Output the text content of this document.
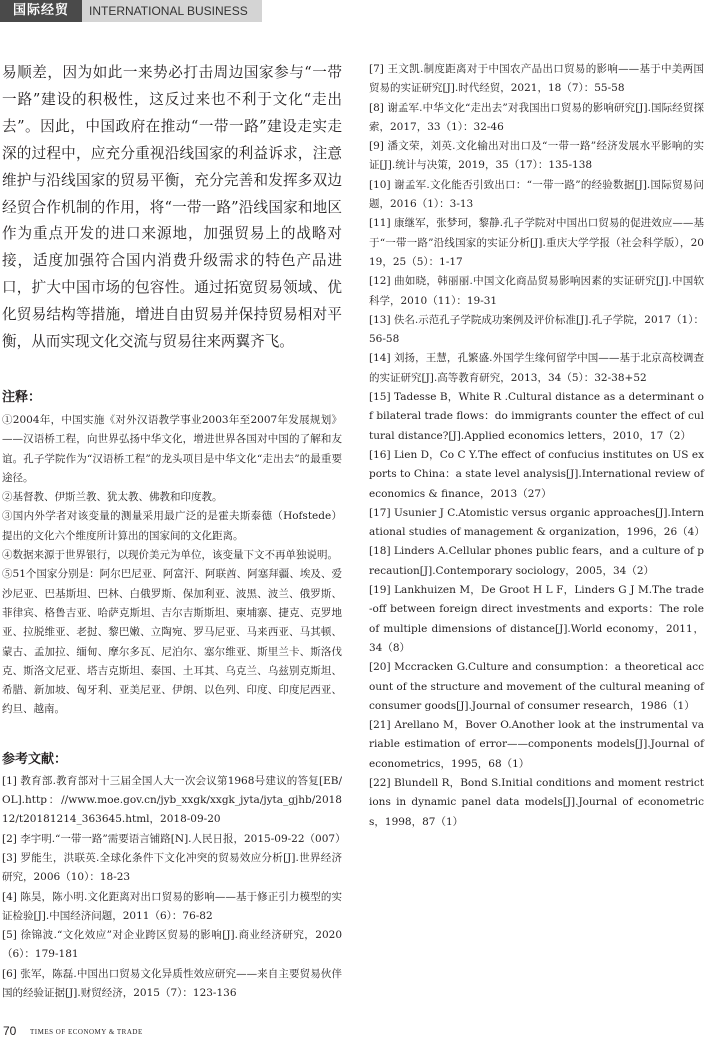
国际经贸	INTERNATIONAL BUSINESS

易顺差，因为如此一来势必打击周边国家参与“一带一路”建设的积极性，这反过来也不利于文化“走出去”。因此，中国政府在推动“一带一路”建设走实走深的过程中，应充分重视沿线国家的利益诉求，注意维护与沿线国家的贸易平衡，充分完善和发挥多双边经贸合作机制的作用，将“一带一路”沿线国家和地区作为重点开发的进口来源地，加强贸易上的战略对接，适度加强符合国内消费升级需求的特色产品进口，扩大中国市场的包容性。通过拓宽贸易领域、优化贸易结构等措施，增进自由贸易并保持贸易相对平衡，从而实现文化交流与贸易往来两翼齐飞。

注释：

①2004年，中国实施《对外汉语教学事业2003年至2007年发展规划》——汉语桥工程，向世界弘扬中华文化，增进世界各国对中国的了解和友谊。孔子学院作为“汉语桥工程”的龙头项目是中华文化“走出去”的最重要途径。

②基督教、伊斯兰教、犹太教、佛教和印度教。

③国内外学者对该变量的测量采用最广泛的是霍夫斯泰德（Hofstede）提出的文化六个维度所计算出的国家间的文化距离。

④数据来源于世界银行，以现价美元为单位，该变量下文不再单独说明。

⑤51个国家分别是：阿尔巴尼亚、阿富汗、阿联酋、阿塞拜疆、埃及、爱沙尼亚、巴基斯坦、巴林、白俄罗斯、保加利亚、波黑、波兰、俄罗斯、菲律宾、格鲁吉亚、哈萨克斯坦、吉尔吉斯斯坦、柬埔寨、捷克、克罗地亚、拉脱维亚、老挝、黎巴嫩、立陶宛、罗马尼亚、马来西亚、马其顿、蒙古、孟加拉、缅甸、摩尔多瓦、尼泊尔、塞尔维亚、斯里兰卡、斯洛伐克、斯洛文尼亚、塔吉克斯坦、泰国、土耳其、乌克兰、乌兹别克斯坦、希腊、新加坡、匈牙利、亚美尼亚、伊朗、以色列、印度、印度尼西亚、约旦、越南。

参考文献：

[1] 教育部.教育部对十三届全国人大一次会议第1968号建议的答复[EB/OL].http：//www.moe.gov.cn/jyb_xxgk/xxgk_jyta/jyta_gjhb/201812/t20181214_363645.html，2018-09-20

[2] 李宇明.“一带一路”需要语言铺路[N].人民日报，2015-09-22（007）

[3] 罗能生，洪联英.全球化条件下文化冲突的贸易效应分析[J].世界经济研究，2006（10）：18-23

[4] 陈昊，陈小明.文化距离对出口贸易的影响——基于修正引力模型的实证检验[J].中国经济问题，2011（6）：76-82

[5] 徐锦波.“文化效应”对企业跨区贸易的影响[J].商业经济研究，2020（6）：179-181

[6] 张军，陈磊.中国出口贸易文化异质性效应研究——来自主要贸易伙伴国的经验证据[J].财贸经济，2015（7）：123-136

[7] 王文凯.制度距离对于中国农产品出口贸易的影响——基于中美两国贸易的实证研究[J].时代经贸，2021，18（7）：55-58

[8] 谢孟军.中华文化“走出去”对我国出口贸易的影响研究[J].国际经贸探索，2017，33（1）：32-46

[9] 潘文荣，刘英.文化输出对出口及“一带一路”经济发展水平影响的实证[J].统计与决策，2019，35（17）：135-138

[10] 谢孟军.文化能否引致出口：“一带一路”的经验数据[J].国际贸易问题，2016（1）：3-13

[11] 康继军，张梦珂，黎静.孔子学院对中国出口贸易的促进效应——基于“一带一路”沿线国家的实证分析[J].重庆大学学报（社会科学版），2019，25（5）：1-17

[12] 曲如晓，韩丽丽.中国文化商品贸易影响因素的实证研究[J].中国软科学，2010（11）：19-31

[13] 佚名.示范孔子学院成功案例及评价标准[J].孔子学院，2017（1）：56-58

[14] 刘扬，王慧，孔繁盛.外国学生缘何留学中国——基于北京高校调查的实证研究[J].高等教育研究，2013，34（5）：32-38+52

[15] Tadesse B，White R .Cultural distance as a determinant of bilateral trade flows：do immigrants counter the effect of cultural distance?[J].Applied economics letters，2010，17（2）

[16] Lien D，Co C Y.The effect of confucius institutes on US exports to China：a state level analysis[J].International review of economics & finance，2013（27）

[17] Usunier J C.Atomistic versus organic approaches[J].International studies of management & organization，1996，26（4）

[18] Linders A.Cellular phones public fears，and a culture of precaution[J].Contemporary sociology，2005，34（2）

[19] Lankhuizen M，De Groot H L F，Linders G J M.The trade-off between foreign direct investments and exports：The role of multiple dimensions of distance[J].World economy，2011，34（8）

[20] Mccracken G.Culture and consumption：a theoretical account of the structure and movement of the cultural meaning of consumer goods[J].Journal of consumer research，1986（1）

[21] Arellano M，Bover O.Another look at the instrumental variable estimation of error——components models[J].Journal of econometrics，1995，68（1）

[22] Blundell R，Bond S.Initial conditions and moment restrictions in dynamic panel data models[J].Journal of econometrics，1998，87（1）

70 TIMES OF ECONOMY & TRADE
